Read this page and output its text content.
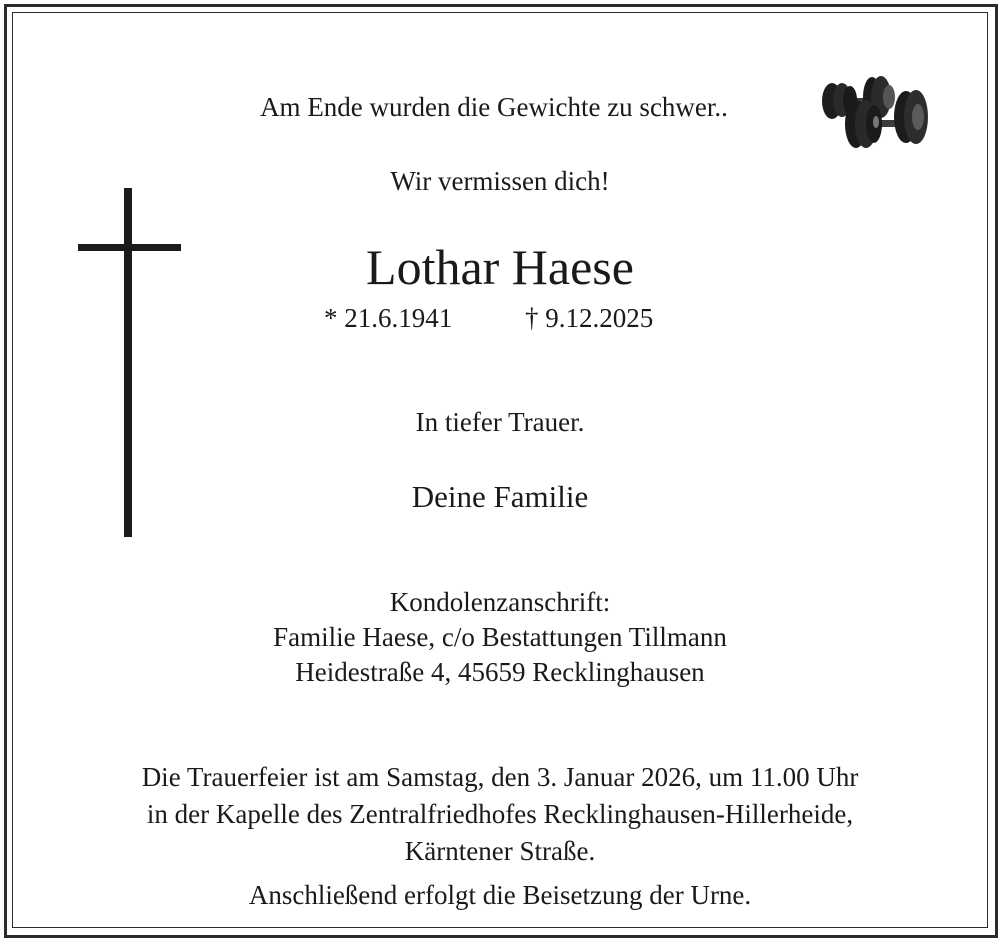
Am Ende wurden die Gewichte zu schwer..
Wir vermissen dich!
Lothar Haese
* 21.6.1941	† 9.12.2025
In tiefer Trauer.
Deine Familie
Kondolenzanschrift:
Familie Haese, c/o Bestattungen Tillmann
Heidestraße 4, 45659 Recklinghausen
Die Trauerfeier ist am Samstag, den 3. Januar 2026, um 11.00 Uhr
in der Kapelle des Zentralfriedhofes Recklinghausen-Hillerheide,
Kärntener Straße.
Anschließend erfolgt die Beisetzung der Urne.
